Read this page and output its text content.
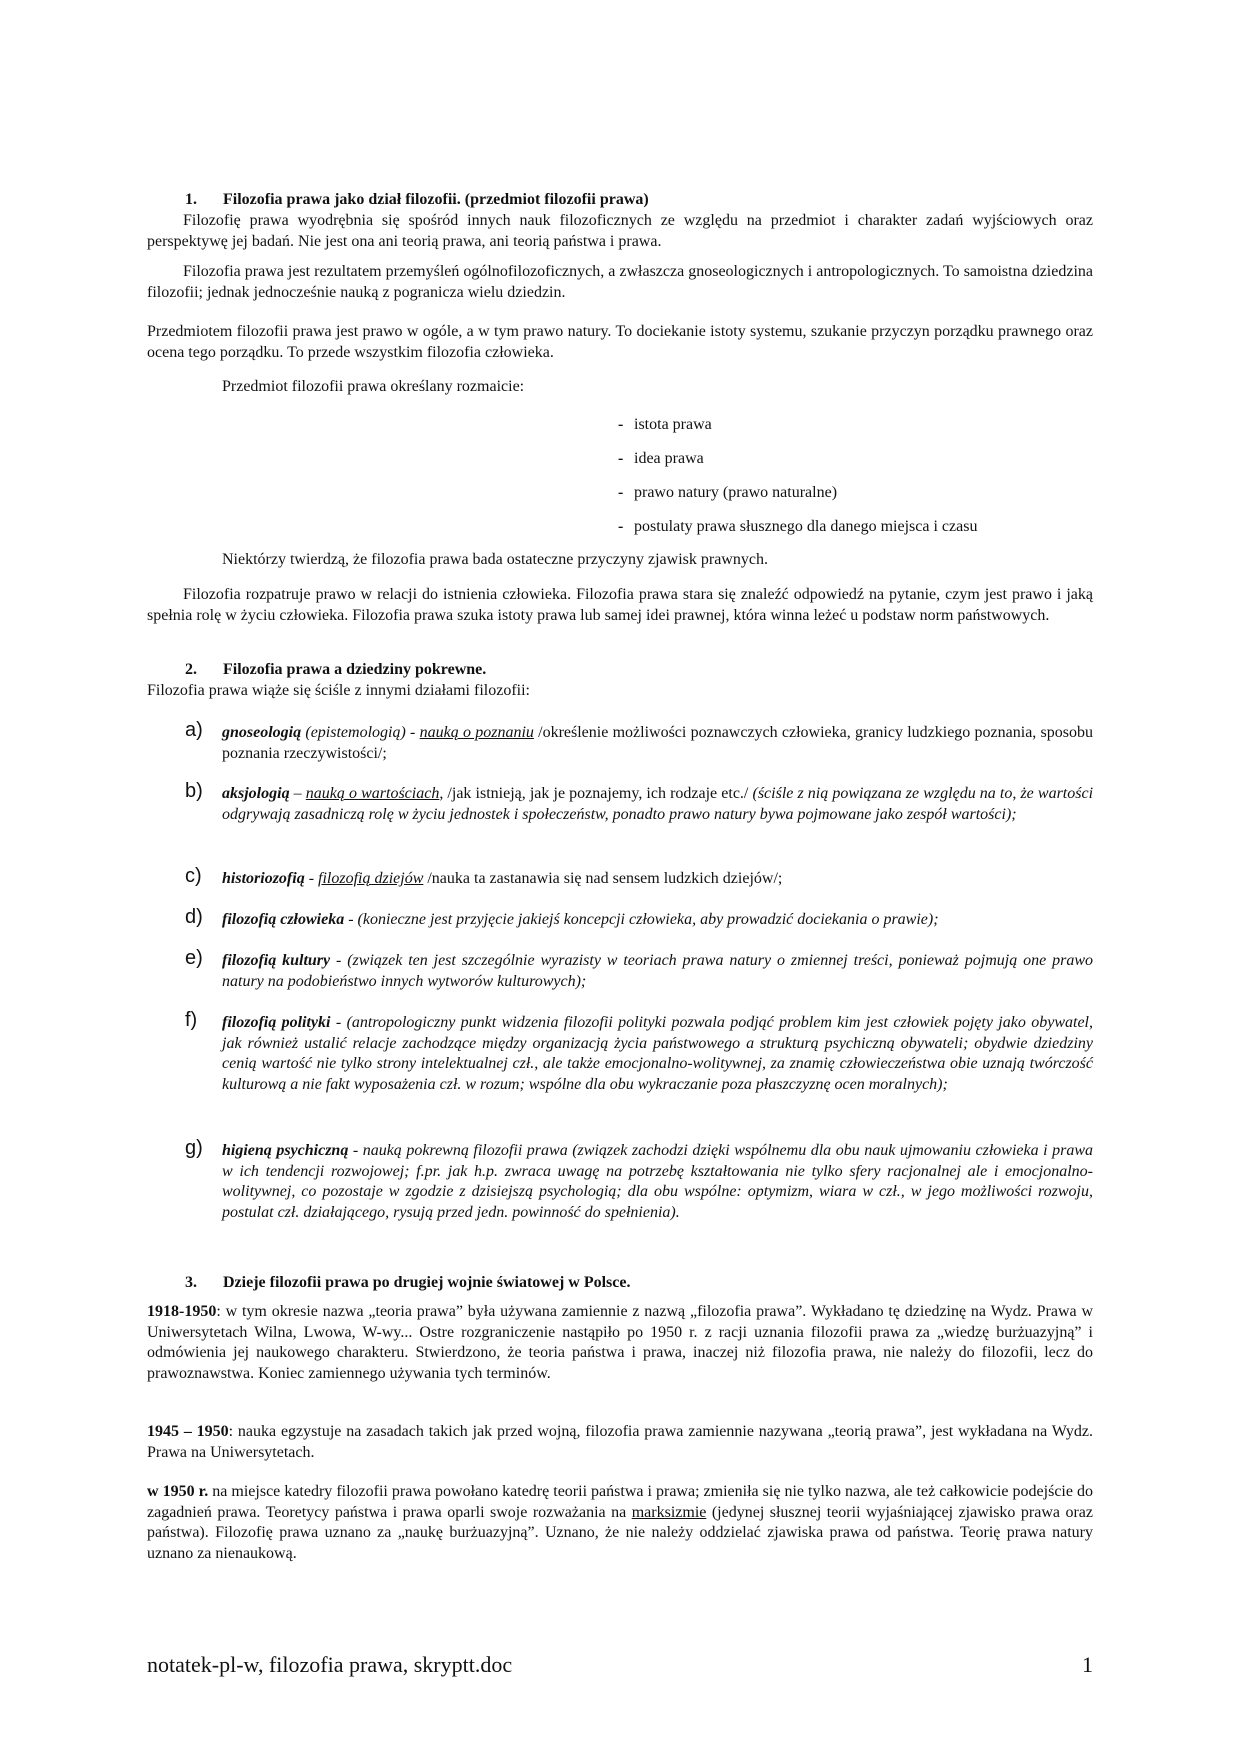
1. Filozofia prawa jako dział filozofii. (przedmiot filozofii prawa)
Filozofię prawa wyodrębnia się spośród innych nauk filozoficznych ze względu na przedmiot i charakter zadań wyjściowych oraz perspektywę jej badań. Nie jest ona ani teorią prawa, ani teorią państwa i prawa.
Filozofia prawa jest rezultatem przemyśleń ogólnofilozoficznych, a zwłaszcza gnoseologicznych i antropologicznych. To samoistna dziedzina filozofii; jednak jednocześnie nauką z pogranicza wielu dziedzin.
Przedmiotem filozofii prawa jest prawo w ogóle, a w tym prawo natury. To dociekanie istoty systemu, szukanie przyczyn porządku prawnego oraz ocena tego porządku. To przede wszystkim filozofia człowieka.
Przedmiot filozofii prawa określany rozmaicie:
- istota prawa
- idea prawa
- prawo natury (prawo naturalne)
- postulaty prawa słusznego dla danego miejsca i czasu
Niektórzy twierdzą, że filozofia prawa bada ostateczne przyczyny zjawisk prawnych.
Filozofia rozpatruje prawo w relacji do istnienia człowieka. Filozofia prawa stara się znaleźć odpowiedź na pytanie, czym jest prawo i jaką spełnia rolę w życiu człowieka. Filozofia prawa szuka istoty prawa lub samej idei prawnej, która winna leżeć u podstaw norm państwowych.
2. Filozofia prawa a dziedziny pokrewne.
Filozofia prawa wiąże się ściśle z innymi działami filozofii:
a) gnoseologią (epistemologią) - nauką o poznaniu /określenie możliwości poznawczych człowieka, granicy ludzkiego poznania, sposobu poznania rzeczywistości/;
b) aksjologią – nauką o wartościach, /jak istnieją, jak je poznajemy, ich rodzaje etc./ (ściśle z nią powiązana ze względu na to, że wartości odgrywają zasadniczą rolę w życiu jednostek i społeczeństw, ponadto prawo natury bywa pojmowane jako zespół wartości);
c) historiozofią - filozofią dziejów /nauka ta zastanawia się nad sensem ludzkich dziejów/;
d) filozofią człowieka - (konieczne jest przyjęcie jakiejś koncepcji człowieka, aby prowadzić dociekania o prawie);
e) filozofią kultury - (związek ten jest szczególnie wyrazisty w teoriach prawa natury o zmiennej treści, ponieważ pojmują one prawo natury na podobieństwo innych wytworów kulturowych);
f) filozofią polityki - (antropologiczny punkt widzenia filozofii polityki pozwala podjąć problem kim jest człowiek pojęty jako obywatel, jak również ustalić relacje zachodzące między organizacją życia państwowego a strukturą psychiczną obywateli; obydwie dziedziny cenią wartość nie tylko strony intelektualnej czł., ale także emocjonalno-wolitywnej, za znamię człowieczeństwa obie uznają twórczość kulturową a nie fakt wyposażenia czł. w rozum; wspólne dla obu wykraczanie poza płaszczyznę ocen moralnych);
g) higieną psychiczną - nauką pokrewną filozofii prawa (związek zachodzi dzięki wspólnemu dla obu nauk ujmowaniu człowieka i prawa w ich tendencji rozwojowej; f.pr. jak h.p. zwraca uwagę na potrzebę kształtowania nie tylko sfery racjonalnej ale i emocjonalno-wolitywnej, co pozostaje w zgodzie z dzisiejszą psychologią; dla obu wspólne: optymizm, wiara w czł., w jego możliwości rozwoju, postulat czł. działającego, rysują przed jedn. powinność do spełnienia).
3. Dzieje filozofii prawa po drugiej wojnie światowej w Polsce.
1918-1950: w tym okresie nazwa „teoria prawa” była używana zamiennie z nazwą „filozofia prawa”. Wykładano tę dziedzinę na Wydz. Prawa w Uniwersytetach Wilna, Lwowa, W-wy... Ostre rozgraniczenie nastąpiło po 1950 r. z racji uznania filozofii prawa za „wiedzę burżuazyjną” i odmówienia jej naukowego charakteru. Stwierdzono, że teoria państwa i prawa, inaczej niż filozofia prawa, nie należy do filozofii, lecz do prawoznawstwa. Koniec zamiennego używania tych terminów.
1945 – 1950: nauka egzystuje na zasadach takich jak przed wojną, filozofia prawa zamiennie nazywana „teorią prawa”, jest wykładana na Wydz. Prawa na Uniwersytetach.
w 1950 r. na miejsce katedry filozofii prawa powołano katedrę teorii państwa i prawa; zmieniła się nie tylko nazwa, ale też całkowicie podejście do zagadnień prawa. Teoretycy państwa i prawa oparli swoje rozważania na marksizmie (jedynej słusznej teorii wyjaśniającej zjawisko prawa oraz państwa). Filozofię prawa uznano za „naukę burżuazyjną”. Uznano, że nie należy oddzielać zjawiska prawa od państwa. Teorię prawa natury uznano za nienaukową.
notatek-pl-w, filozofia prawa, skryptt.doc	1
